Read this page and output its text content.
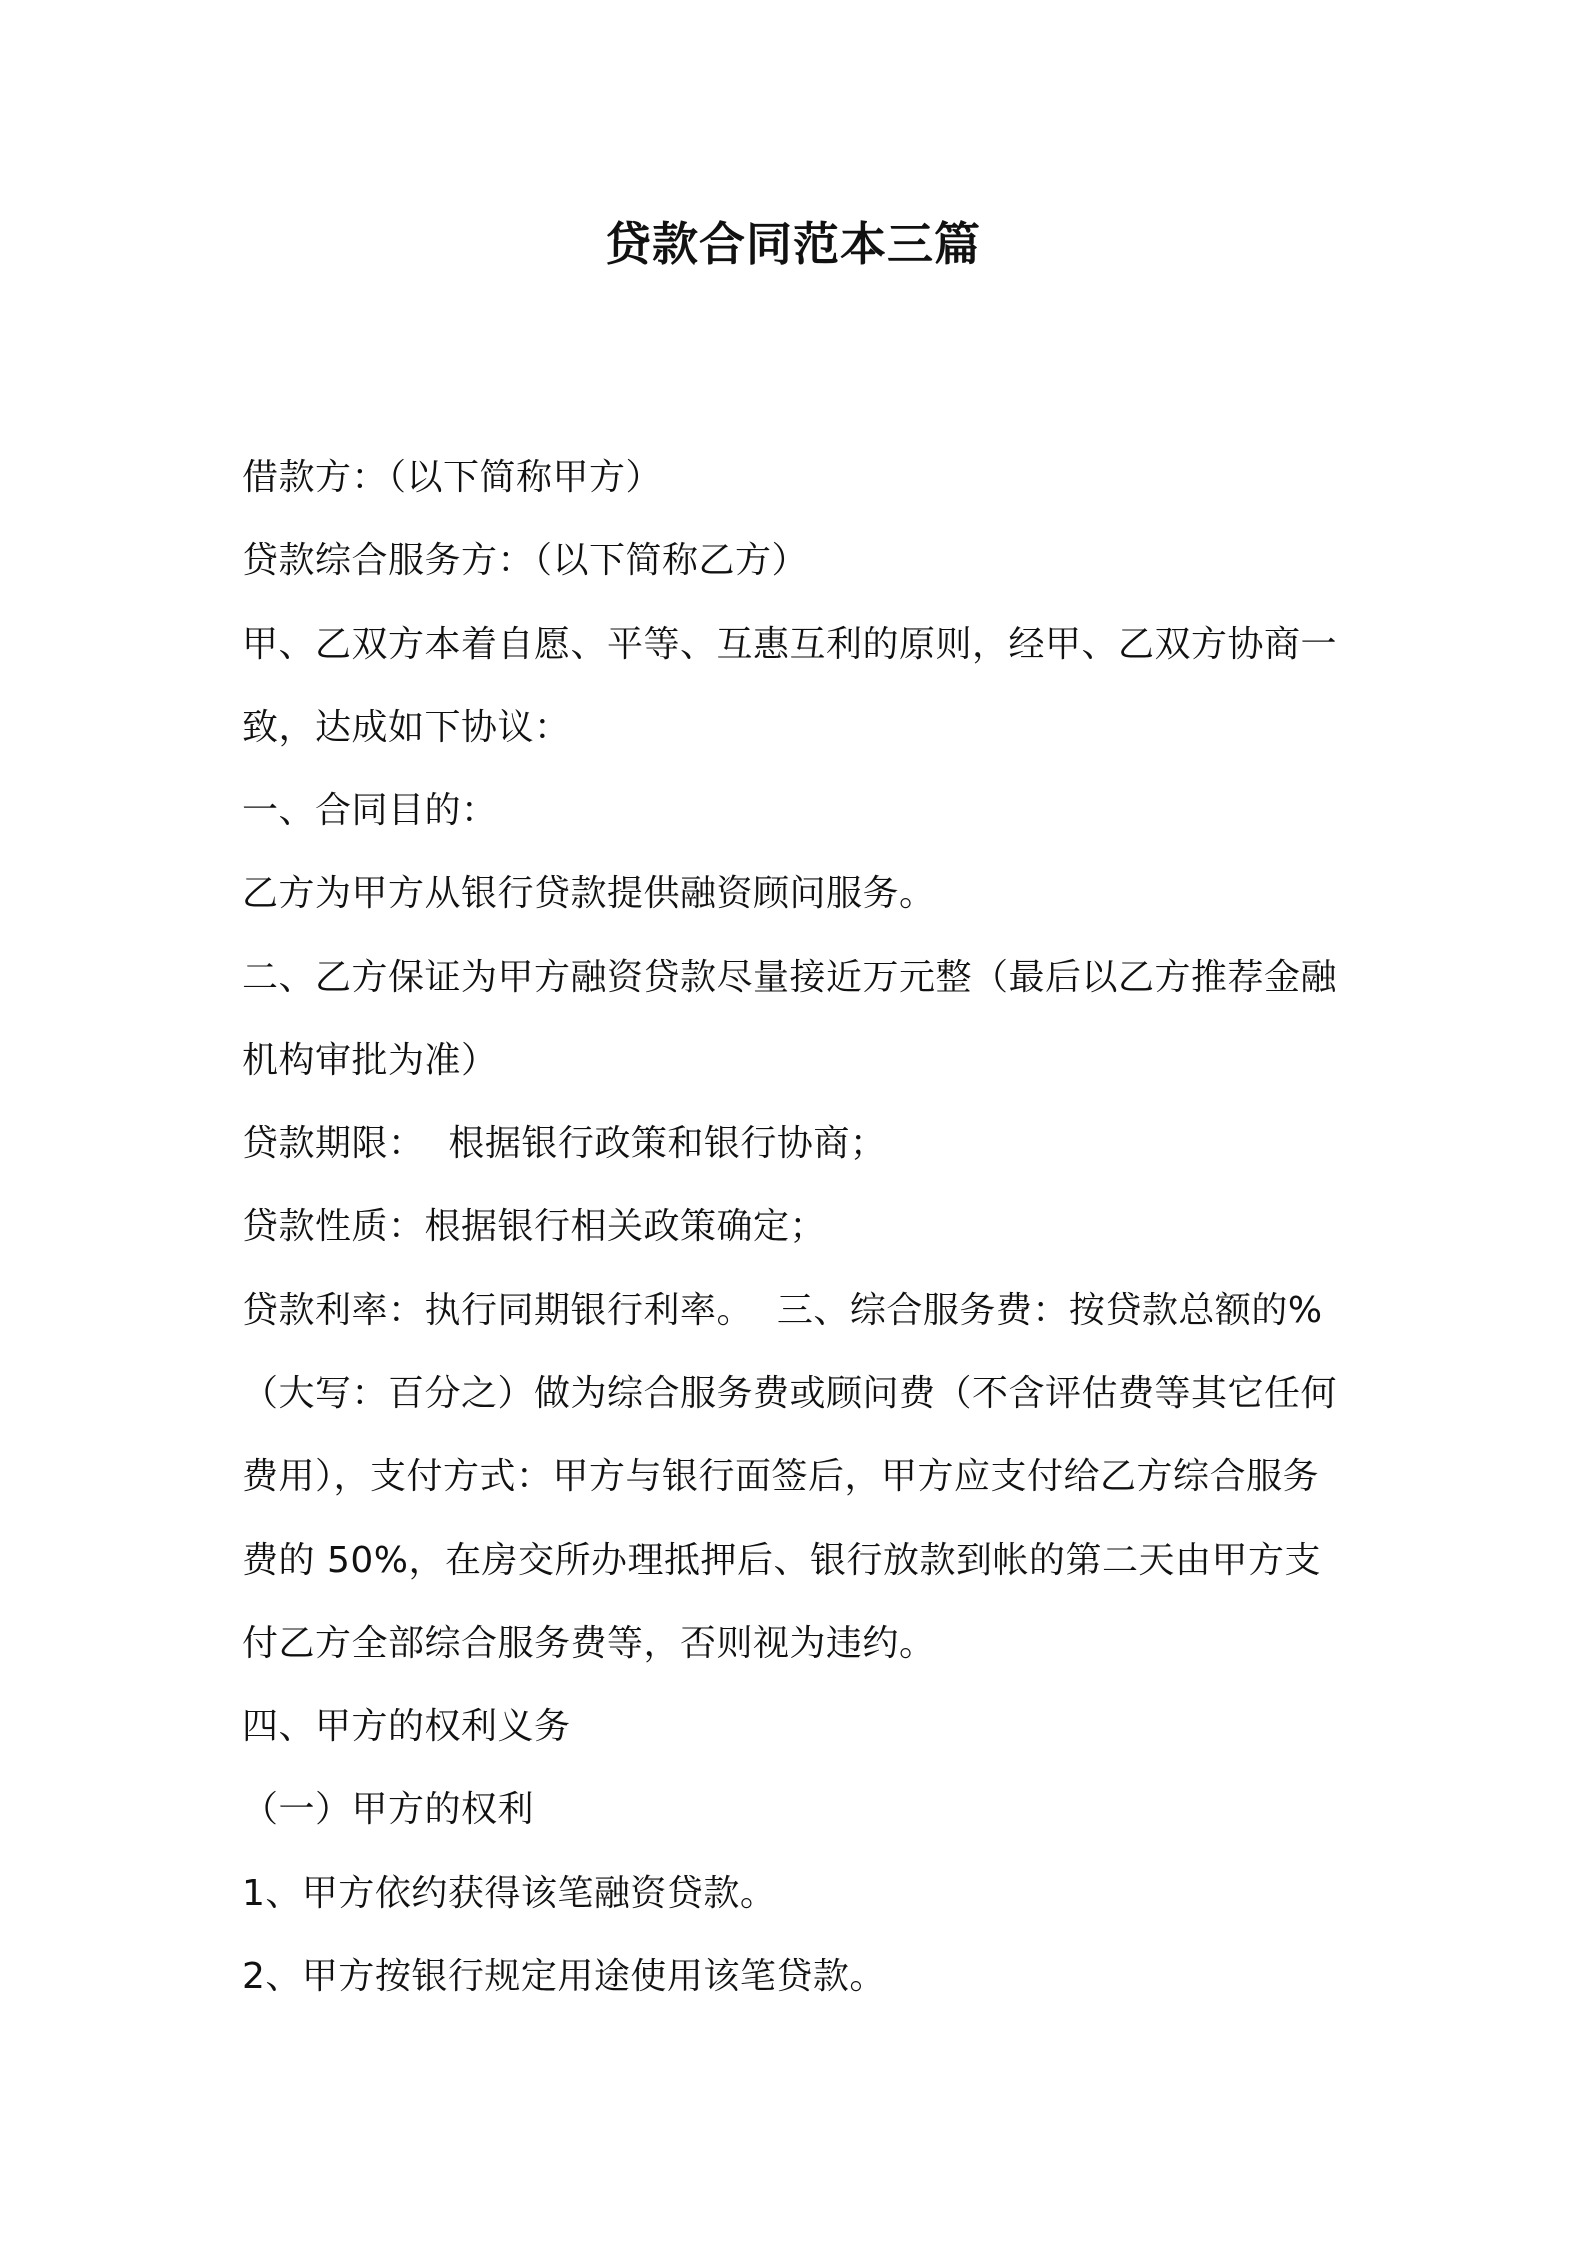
贷款合同范本三篇
借款方：（以下简称甲方）
贷款综合服务方：（以下简称乙方）
甲、乙双方本着自愿、平等、互惠互利的原则，经甲、乙双方协商一
致，达成如下协议：
一、合同目的：
乙方为甲方从银行贷款提供融资顾问服务。
二、乙方保证为甲方融资贷款尽量接近万元整（最后以乙方推荐金融
机构审批为准）
贷款期限：  根据银行政策和银行协商；
贷款性质：根据银行相关政策确定；
贷款利率：执行同期银行利率。  三、综合服务费：按贷款总额的%
（大写：百分之）做为综合服务费或顾问费（不含评估费等其它任何
费用），支付方式：甲方与银行面签后，甲方应支付给乙方综合服务
费的 50%，在房交所办理抵押后、银行放款到帐的第二天由甲方支
付乙方全部综合服务费等，否则视为违约。
四、甲方的权利义务
（一）甲方的权利
1、甲方依约获得该笔融资贷款。
2、甲方按银行规定用途使用该笔贷款。
